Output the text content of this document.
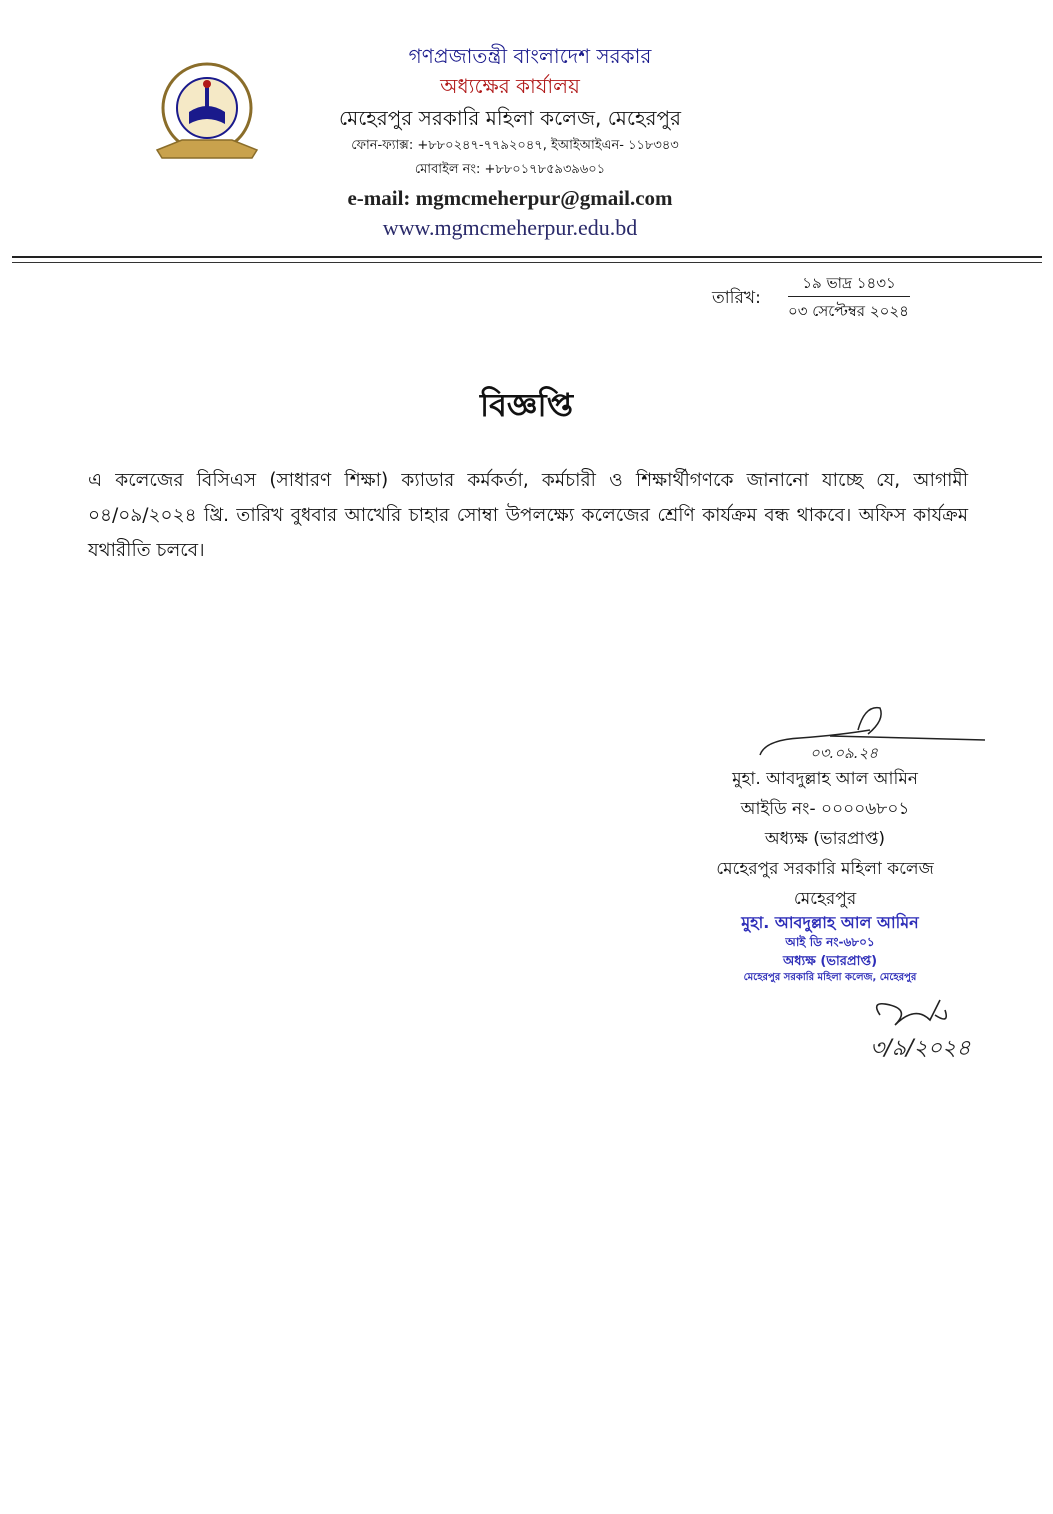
গণপ্রজাতন্ত্রী বাংলাদেশ সরকার
অধ্যক্ষের কার্যালয়
মেহেরপুর সরকারি মহিলা কলেজ, মেহেরপুর
ফোন-ফ্যাক্স: +৮৮০২৪৭-৭৭৯২০৪৭, ইআইআইএন- ১১৮৩৪৩
মোবাইল নং: +৮৮০১৭৮৫৯৩৯৬০১
e-mail: mgmcmeherpur@gmail.com
www.mgmcmeherpur.edu.bd
তারিখ:
১৯ ভাদ্র ১৪৩১
০৩ সেপ্টেম্বর ২০২৪
বিজ্ঞপ্তি
এ কলেজের বিসিএস (সাধারণ শিক্ষা) ক্যাডার কর্মকর্তা, কর্মচারী ও শিক্ষার্থীগণকে জানানো যাচ্ছে যে, আগামী ০৪/০৯/২০২৪ খ্রি. তারিখ বুধবার আখেরি চাহার সোম্বা উপলক্ষ্যে কলেজের শ্রেণি কার্যক্রম বন্ধ থাকবে। অফিস কার্যক্রম যথারীতি চলবে।
০৩.০৯.২৪
মুহা. আবদুল্লাহ আল আমিন
আইডি নং- ০০০০৬৮০১
অধ্যক্ষ (ভারপ্রাপ্ত)
মেহেরপুর সরকারি মহিলা কলেজ
মেহেরপুর
মুহা. আবদুল্লাহ আল আমিন
আই ডি নং-৬৮০১
অধ্যক্ষ (ভারপ্রাপ্ত)
মেহেরপুর সরকারি মহিলা কলেজ, মেহেরপুর
৩/৯/২০২৪
